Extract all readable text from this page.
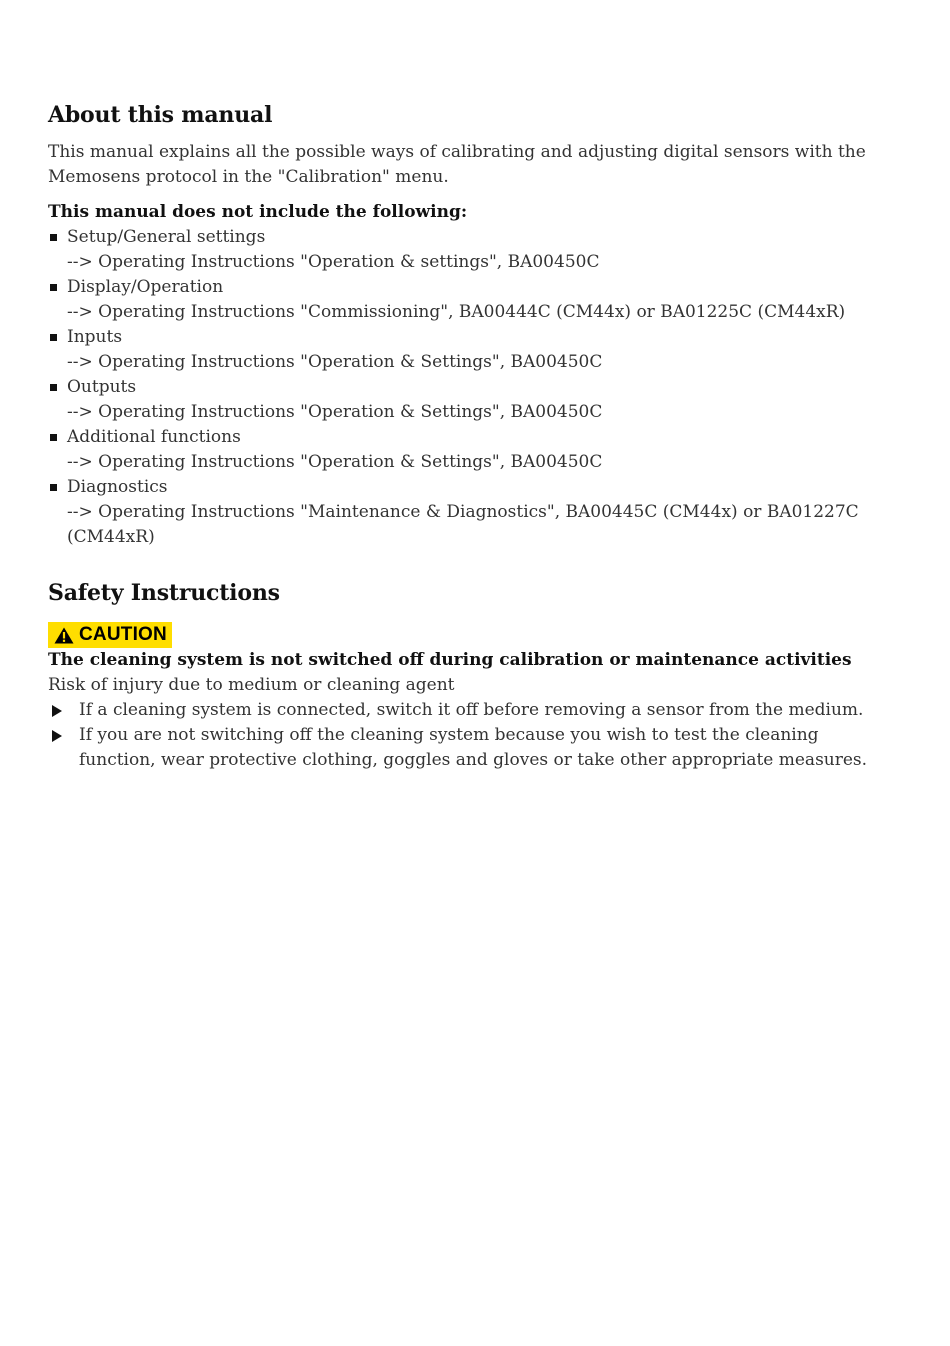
About this manual

This manual explains all the possible ways of calibrating and adjusting digital sensors with the Memosens protocol in the "Calibration" menu.

This manual does not include the following:

Setup/General settings
--> Operating Instructions "Operation & settings", BA00450C
Display/Operation
--> Operating Instructions "Commissioning", BA00444C (CM44x) or BA01225C (CM44xR)
Inputs
--> Operating Instructions "Operation & Settings", BA00450C
Outputs
--> Operating Instructions "Operation & Settings", BA00450C
Additional functions
--> Operating Instructions "Operation & Settings", BA00450C
Diagnostics
--> Operating Instructions "Maintenance & Diagnostics", BA00445C (CM44x) or BA01227C (CM44xR)
Safety Instructions
CAUTION

The cleaning system is not switched off during calibration or maintenance activities

Risk of injury due to medium or cleaning agent

If a cleaning system is connected, switch it off before removing a sensor from the medium.
If you are not switching off the cleaning system because you wish to test the cleaning function, wear protective clothing, goggles and gloves or take other appropriate measures.
